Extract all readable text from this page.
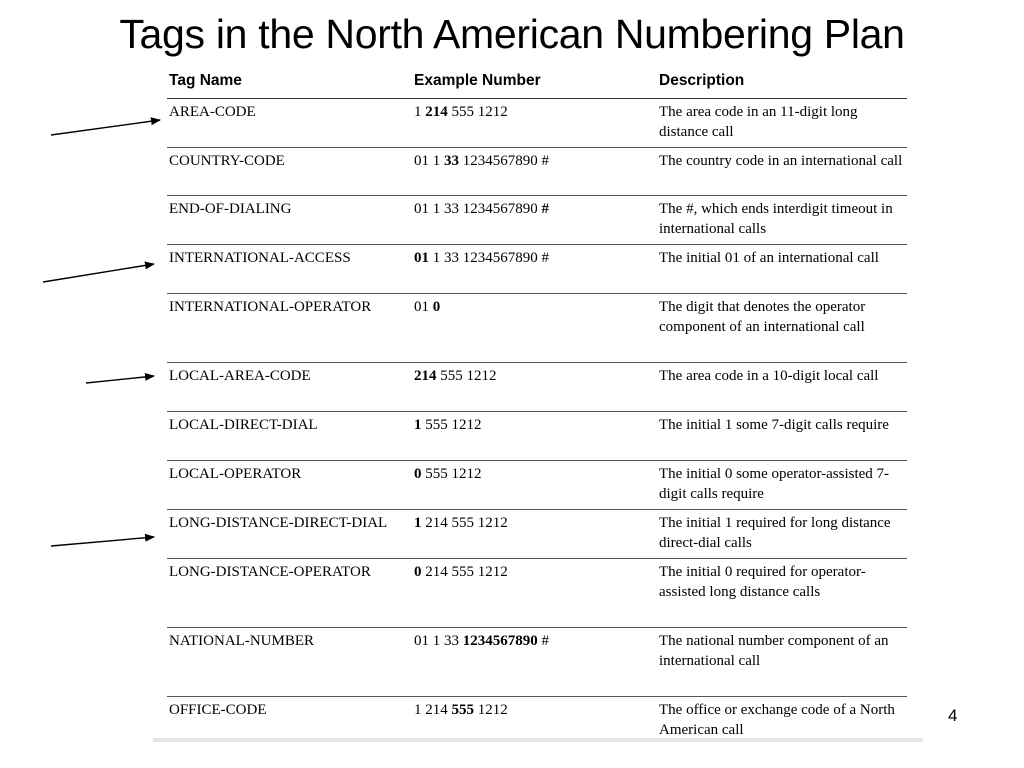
Tags in the North American Numbering Plan
Tag Name	Example Number	Description
AREA-CODE	1 214 555 1212	The area code in an 11-digit long distance call
COUNTRY-CODE	01 1 33 1234567890 #	The country code in an international call
END-OF-DIALING	01 1 33 1234567890 #	The #, which ends interdigit timeout in international calls
INTERNATIONAL-ACCESS	01 1 33 1234567890 #	The initial 01 of an international call
INTERNATIONAL-OPERATOR	01 0	The digit that denotes the operator component of an international call
LOCAL-AREA-CODE	214 555 1212	The area code in a 10-digit local call
LOCAL-DIRECT-DIAL	1 555 1212	The initial 1 some 7-digit calls require
LOCAL-OPERATOR	0 555 1212	The initial 0 some operator-assisted 7-digit calls require
LONG-DISTANCE-DIRECT-DIAL	1 214 555 1212	The initial 1 required for long distance direct-dial calls
LONG-DISTANCE-OPERATOR	0 214 555 1212	The initial 0 required for operator-assisted long distance calls
NATIONAL-NUMBER	01 1 33 1234567890 #	The national number component of an international call
OFFICE-CODE	1 214 555 1212	The office or exchange code of a North American call
4
